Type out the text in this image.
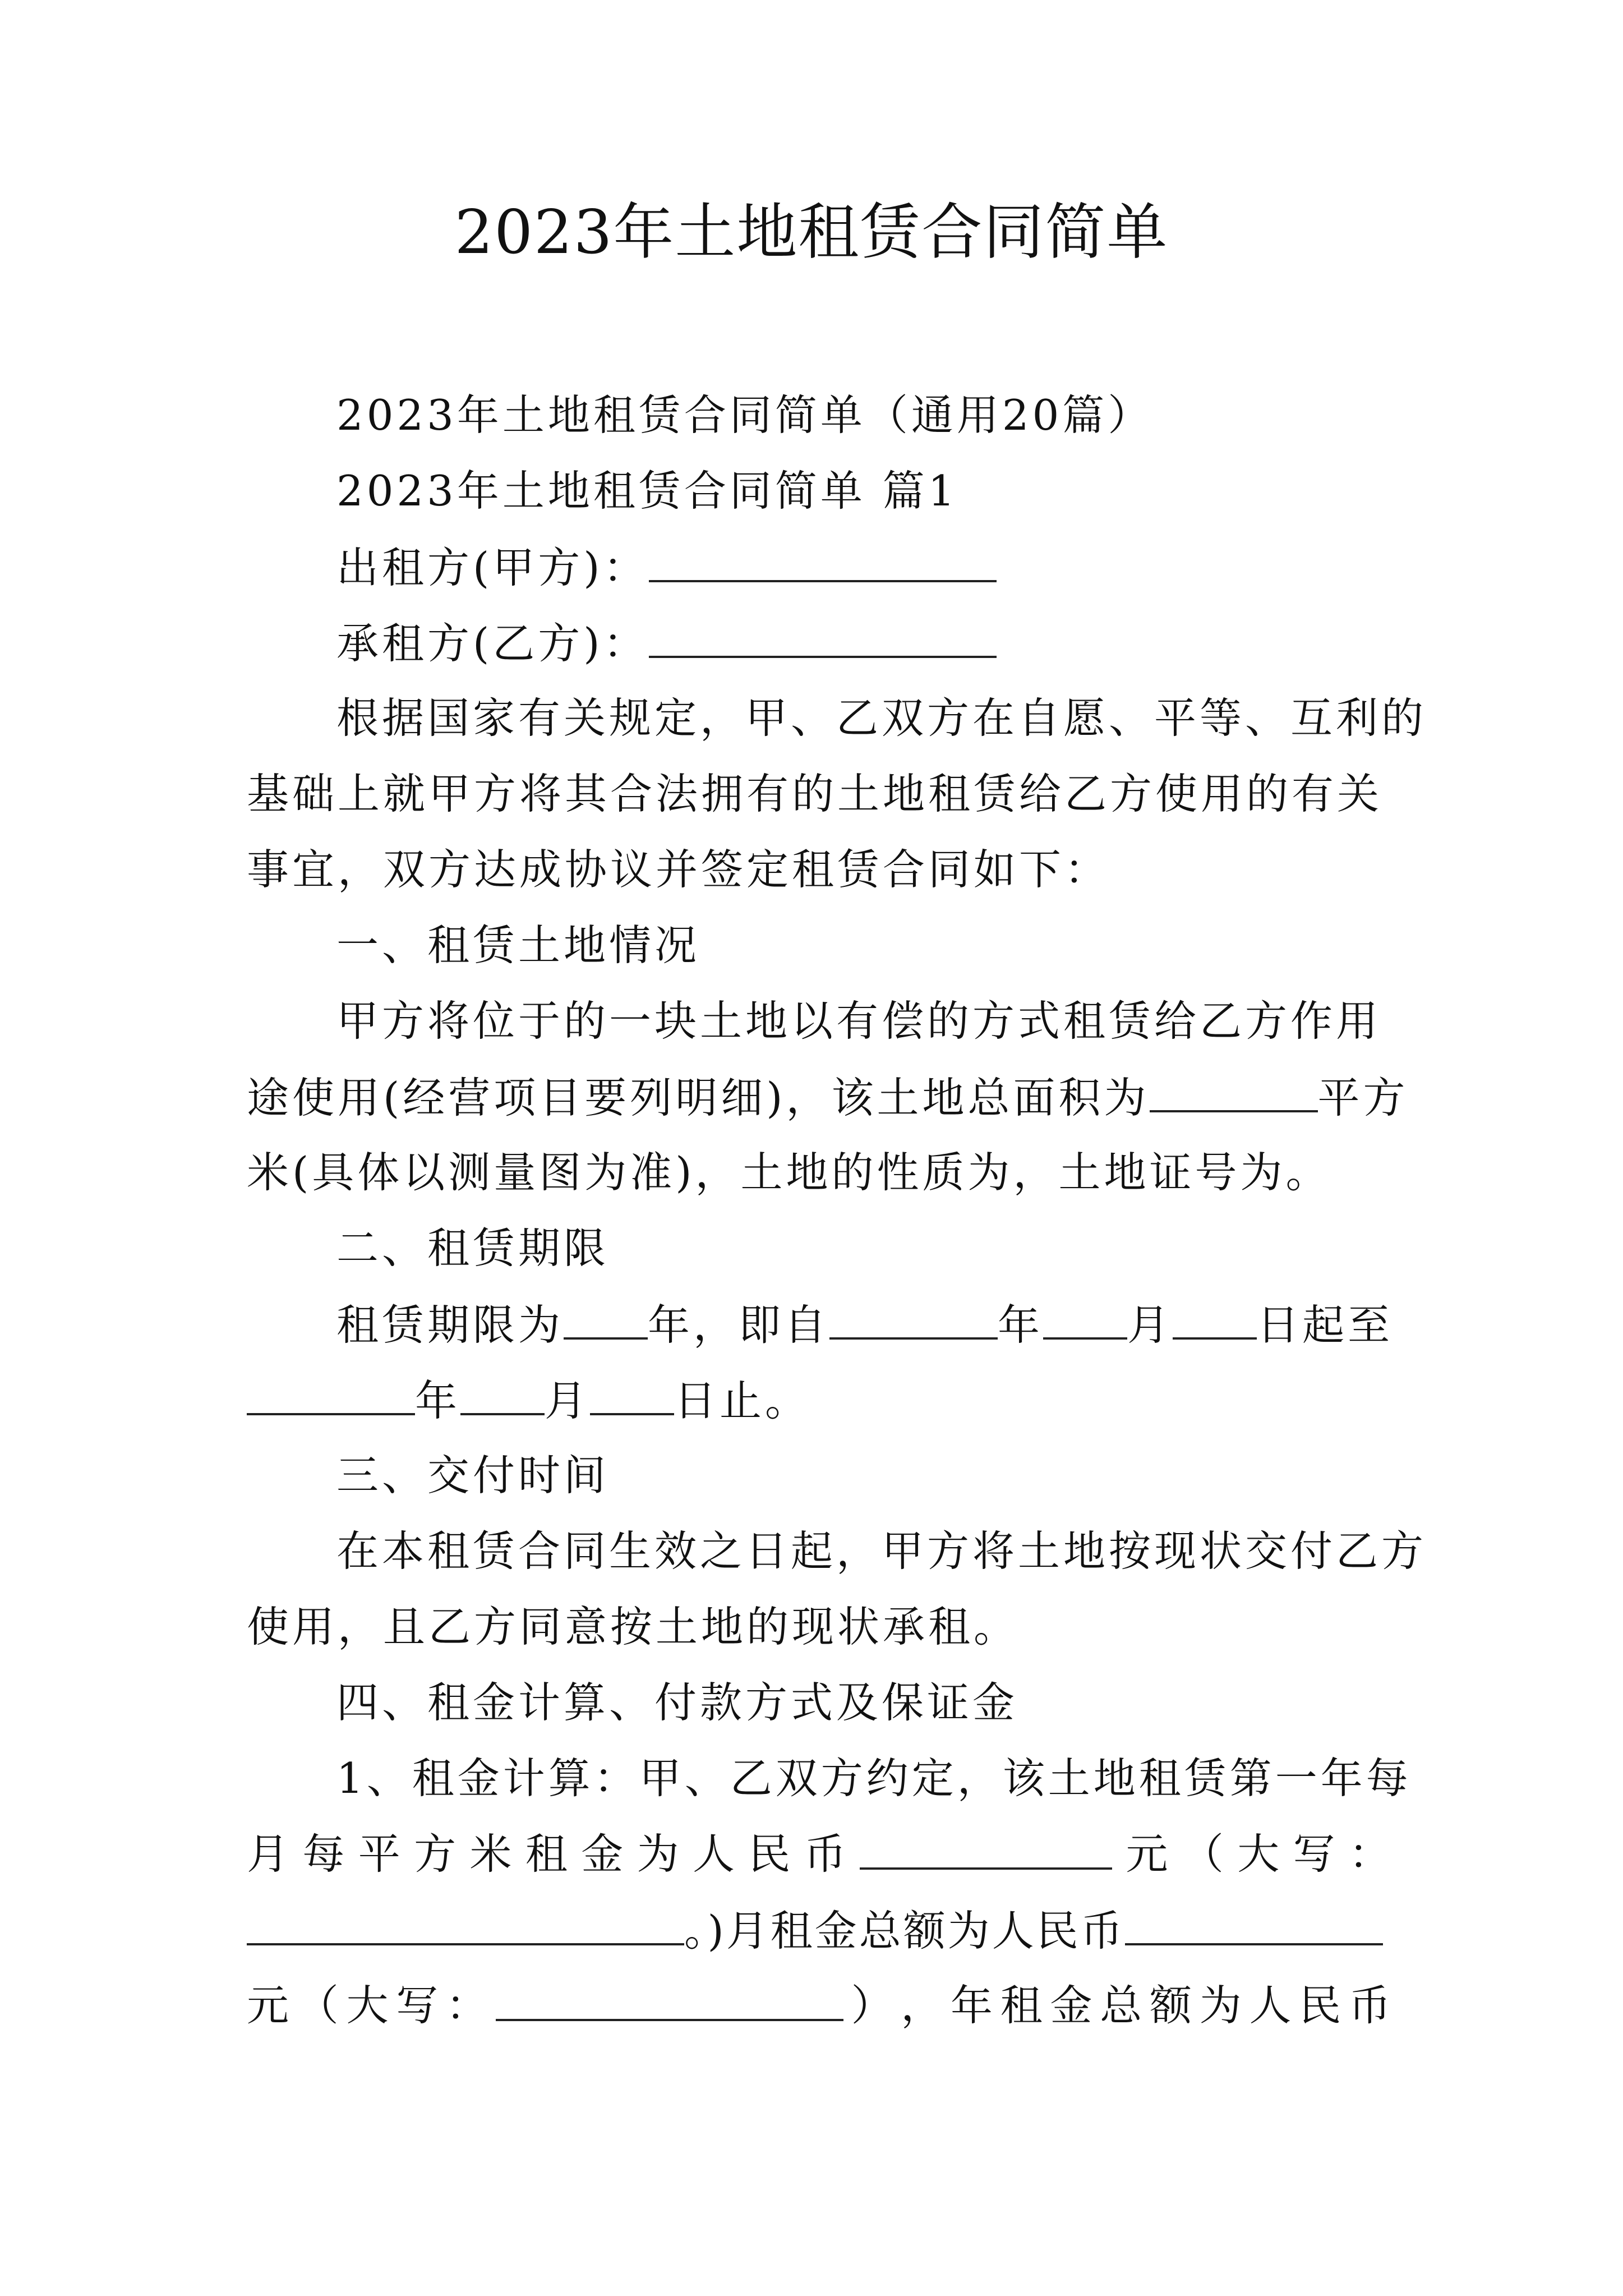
2023年土地租赁合同简单
2023年土地租赁合同简单（通用20篇）
2023年土地租赁合同简单 篇1
出租方(甲方)：
承租方(乙方)：
根据国家有关规定，甲、乙双方在自愿、平等、互利的
基础上就甲方将其合法拥有的土地租赁给乙方使用的有关
事宜，双方达成协议并签定租赁合同如下：
一、租赁土地情况
甲方将位于的一块土地以有偿的方式租赁给乙方作用
途使用(经营项目要列明细)，该土地总面积为	平方
米(具体以测量图为准)，土地的性质为，土地证号为。
二、租赁期限
租赁期限为 年，即自	年 月 日起至
年 月 日止。
三、交付时间
在本租赁合同生效之日起，甲方将土地按现状交付乙方
使用，且乙方同意按土地的现状承租。
四、租金计算、付款方式及保证金
1、租金计算：甲、乙双方约定，该土地租赁第一年每
月 每 平 方 米 租 金 为 人 民 币	元 （ 大 写 ：
。)月租金总额为人民币
元 （ 大 写 ：	） ， 年 租 金 总 额 为 人 民 币
